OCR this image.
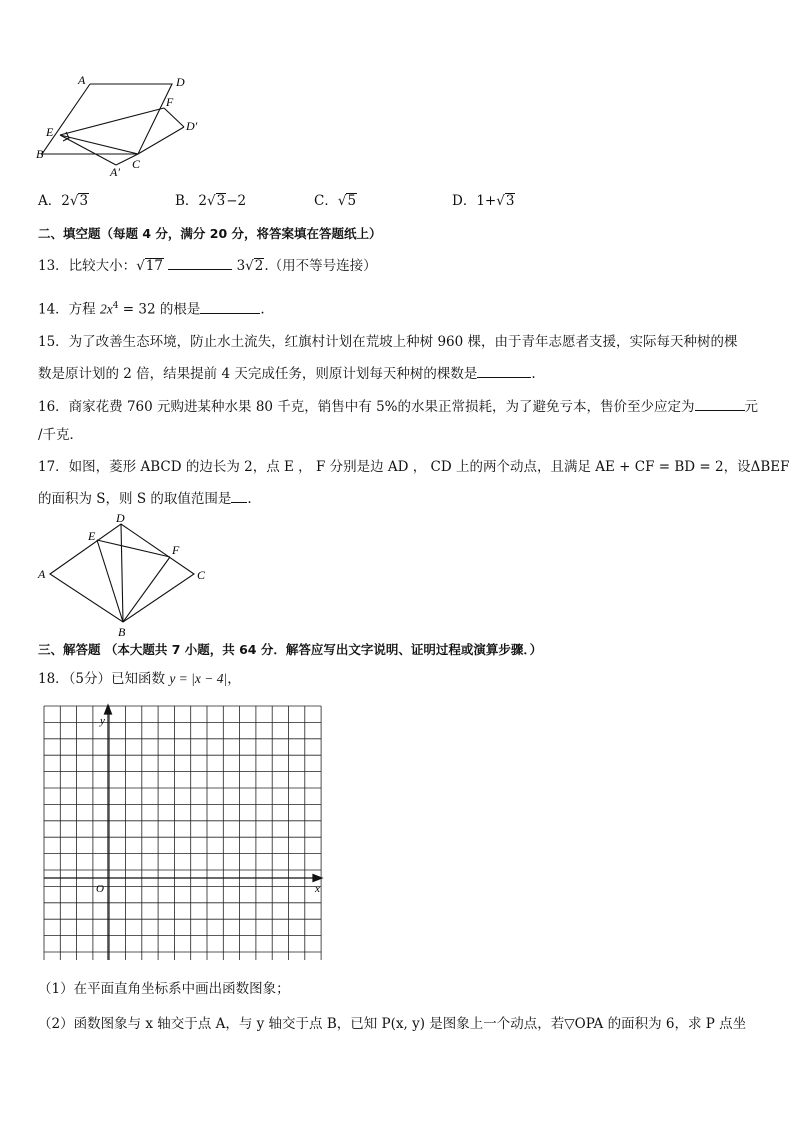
A	D
F
D′
E
B
A′
C
A．2√3	B．2√3−2	C．√5	D．1+√3
二、填空题（每题 4 分，满分 20 分，将答案填在答题纸上）
13．比较大小：√17	3√2.（用不等号连接）
14．方程 $2x^4 = 32$ 的根是	.
15．为了改善生态环境，防止水土流失，红旗村计划在荒坡上种树 960 棵，由于青年志愿者支援，实际每天种树的棵
数是原计划的 2 倍，结果提前 4 天完成任务，则原计划每天种树的棵数是	.
16．商家花费 760 元购进某种水果 80 千克，销售中有 5%的水果正常损耗，为了避免亏本，售价至少应定为	元
/千克．
17．如图，菱形 ABCD 的边长为 2，点 E ， F 分别是边 AD ， CD 上的两个动点，且满足 AE + CF = BD = 2，设ΔBEF
的面积为 S，则 S 的取值范围是 .
D
E
F
A	C
B
三、解答题 （本大题共 7 小题，共 64 分．解答应写出文字说明、证明过程或演算步骤．）
18．（5分）已知函数 y = |x − 4|，
y
x
O
（1）在平面直角坐标系中画出函数图象；
（2）函数图象与 x 轴交于点 A，与 y 轴交于点 B，已知 P(x, y) 是图象上一个动点，若▽OPA 的面积为 6，求 P 点坐
